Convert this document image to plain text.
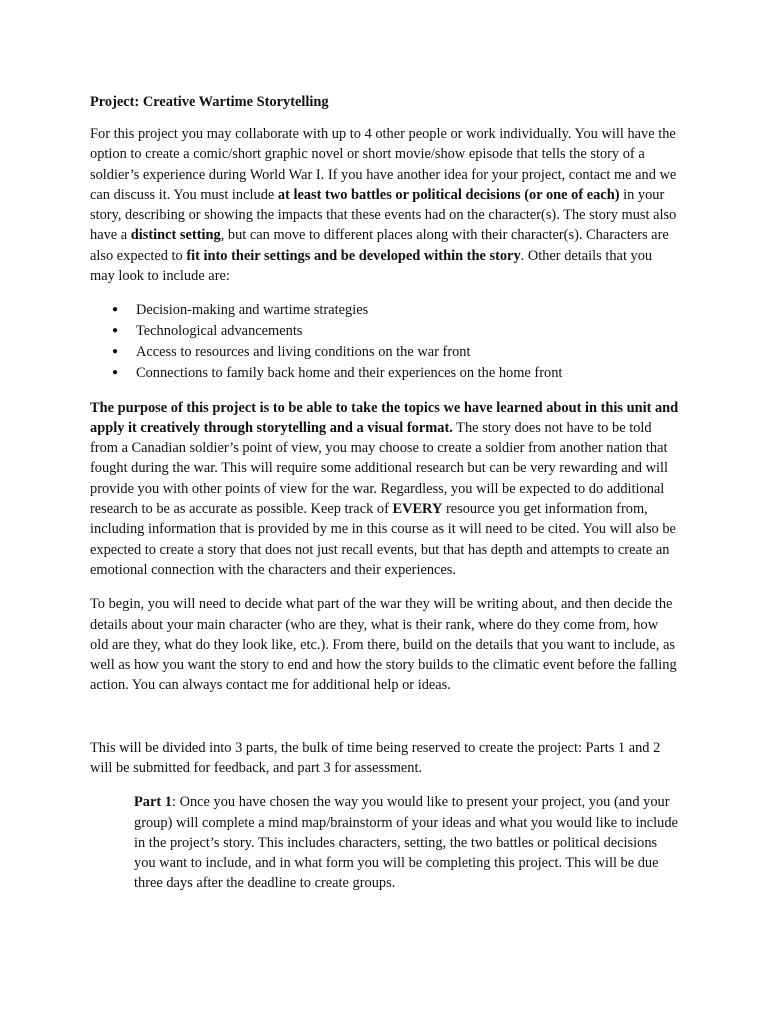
Project: Creative Wartime Storytelling

For this project you may collaborate with up to 4 other people or work individually. You will have the option to create a comic/short graphic novel or short movie/show episode that tells the story of a soldier’s experience during World War I. If you have another idea for your project, contact me and we can discuss it. You must include at least two battles or political decisions (or one of each) in your story, describing or showing the impacts that these events had on the character(s). The story must also have a distinct setting, but can move to different places along with their character(s). Characters are also expected to fit into their settings and be developed within the story. Other details that you may look to include are:

● Decision-making and wartime strategies
● Technological advancements
● Access to resources and living conditions on the war front
● Connections to family back home and their experiences on the home front

The purpose of this project is to be able to take the topics we have learned about in this unit and apply it creatively through storytelling and a visual format. The story does not have to be told from a Canadian soldier’s point of view, you may choose to create a soldier from another nation that fought during the war. This will require some additional research but can be very rewarding and will provide you with other points of view for the war. Regardless, you will be expected to do additional research to be as accurate as possible. Keep track of EVERY resource you get information from, including information that is provided by me in this course as it will need to be cited. You will also be expected to create a story that does not just recall events, but that has depth and attempts to create an emotional connection with the characters and their experiences.

To begin, you will need to decide what part of the war they will be writing about, and then decide the details about your main character (who are they, what is their rank, where do they come from, how old are they, what do they look like, etc.). From there, build on the details that you want to include, as well as how you want the story to end and how the story builds to the climatic event before the falling action. You can always contact me for additional help or ideas.

This will be divided into 3 parts, the bulk of time being reserved to create the project: Parts 1 and 2 will be submitted for feedback, and part 3 for assessment.

Part 1: Once you have chosen the way you would like to present your project, you (and your group) will complete a mind map/brainstorm of your ideas and what you would like to include in the project’s story. This includes characters, setting, the two battles or political decisions you want to include, and in what form you will be completing this project. This will be due three days after the deadline to create groups.
